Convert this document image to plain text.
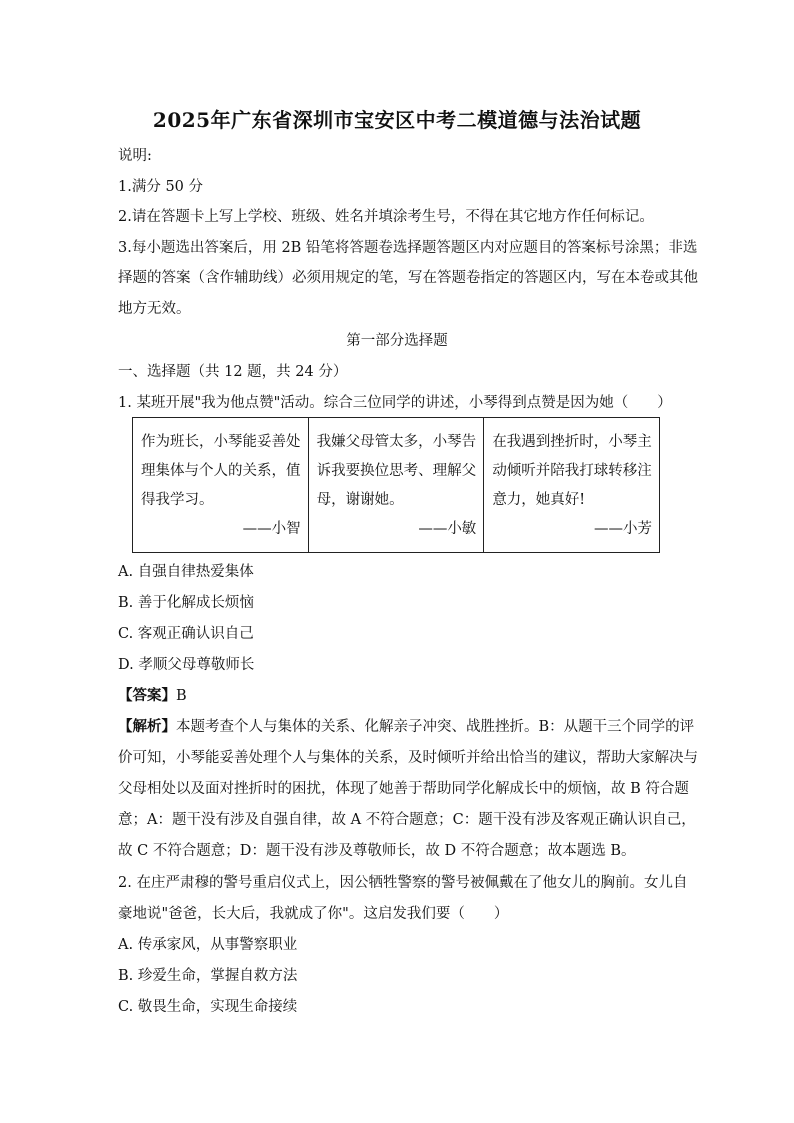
2025年广东省深圳市宝安区中考二模道德与法治试题
说明:
1.满分 50 分
2.请在答题卡上写上学校、班级、姓名并填涂考生号，不得在其它地方作任何标记。
3.每小题选出答案后，用 2B 铅笔将答题卷选择题答题区内对应题目的答案标号涂黑；非选
择题的答案（含作辅助线）必须用规定的笔，写在答题卷指定的答题区内，写在本卷或其他
地方无效。
第一部分选择题
一、选择题（共 12 题，共 24 分）
1. 某班开展"我为他点赞"活动。综合三位同学的讲述，小琴得到点赞是因为她（　　）
作为班长，小琴能妥善处
理集体与个人的关系，值
得我学习。
——小智

我嫌父母管太多，小琴告
诉我要换位思考、理解父
母，谢谢她。
——小敏

在我遇到挫折时，小琴主
动倾听并陪我打球转移注
意力，她真好!
——小芳
A. 自强自律热爱集体
B. 善于化解成长烦恼
C. 客观正确认识自己
D. 孝顺父母尊敬师长
【答案】B
【解析】本题考查个人与集体的关系、化解亲子冲突、战胜挫折。B：从题干三个同学的评
价可知，小琴能妥善处理个人与集体的关系，及时倾听并给出恰当的建议，帮助大家解决与
父母相处以及面对挫折时的困扰，体现了她善于帮助同学化解成长中的烦恼，故 B 符合题
意；A：题干没有涉及自强自律，故 A 不符合题意；C：题干没有涉及客观正确认识自己，
故 C 不符合题意；D：题干没有涉及尊敬师长，故 D 不符合题意；故本题选 B。
2. 在庄严肃穆的警号重启仪式上，因公牺牲警察的警号被佩戴在了他女儿的胸前。女儿自
豪地说"爸爸，长大后，我就成了你"。这启发我们要（　　）
A. 传承家风，从事警察职业
B. 珍爱生命，掌握自救方法
C. 敬畏生命，实现生命接续
